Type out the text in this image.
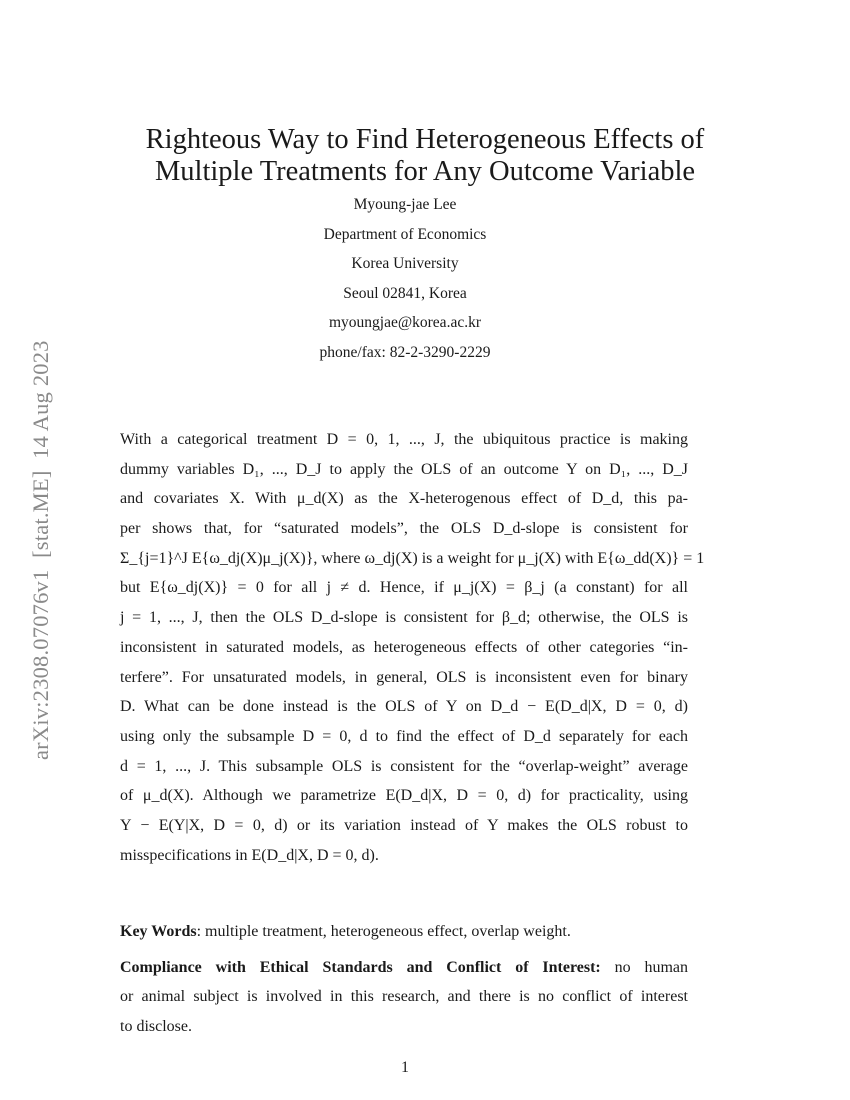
arXiv:2308.07076v1  [stat.ME]  14 Aug 2023
Righteous Way to Find Heterogeneous Effects of
Multiple Treatments for Any Outcome Variable
Myoung-jae Lee
Department of Economics
Korea University
Seoul 02841, Korea
myoungjae@korea.ac.kr
phone/fax: 82-2-3290-2229
With a categorical treatment D = 0, 1, ..., J, the ubiquitous practice is making
dummy variables D₁, ..., D_J to apply the OLS of an outcome Y on D₁, ..., D_J
and covariates X. With μ_d(X) as the X-heterogenous effect of D_d, this pa-
per shows that, for “saturated models”, the OLS D_d-slope is consistent for
Σ_{j=1}^J E{ω_dj(X)μ_j(X)}, where ω_dj(X) is a weight for μ_j(X) with E{ω_dd(X)} = 1
but E{ω_dj(X)} = 0 for all j ≠ d. Hence, if μ_j(X) = β_j (a constant) for all
j = 1, ..., J, then the OLS D_d-slope is consistent for β_d; otherwise, the OLS is
inconsistent in saturated models, as heterogeneous effects of other categories “in-
terfere”. For unsaturated models, in general, OLS is inconsistent even for binary
D. What can be done instead is the OLS of Y on D_d − E(D_d|X, D = 0, d)
using only the subsample D = 0, d to find the effect of D_d separately for each
d = 1, ..., J. This subsample OLS is consistent for the “overlap-weight” average
of μ_d(X). Although we parametrize E(D_d|X, D = 0, d) for practicality, using
Y − E(Y|X, D = 0, d) or its variation instead of Y makes the OLS robust to
misspecifications in E(D_d|X, D = 0, d).
Key Words: multiple treatment, heterogeneous effect, overlap weight.
Compliance with Ethical Standards and Conflict of Interest: no human
or animal subject is involved in this research, and there is no conflict of interest
to disclose.
1
